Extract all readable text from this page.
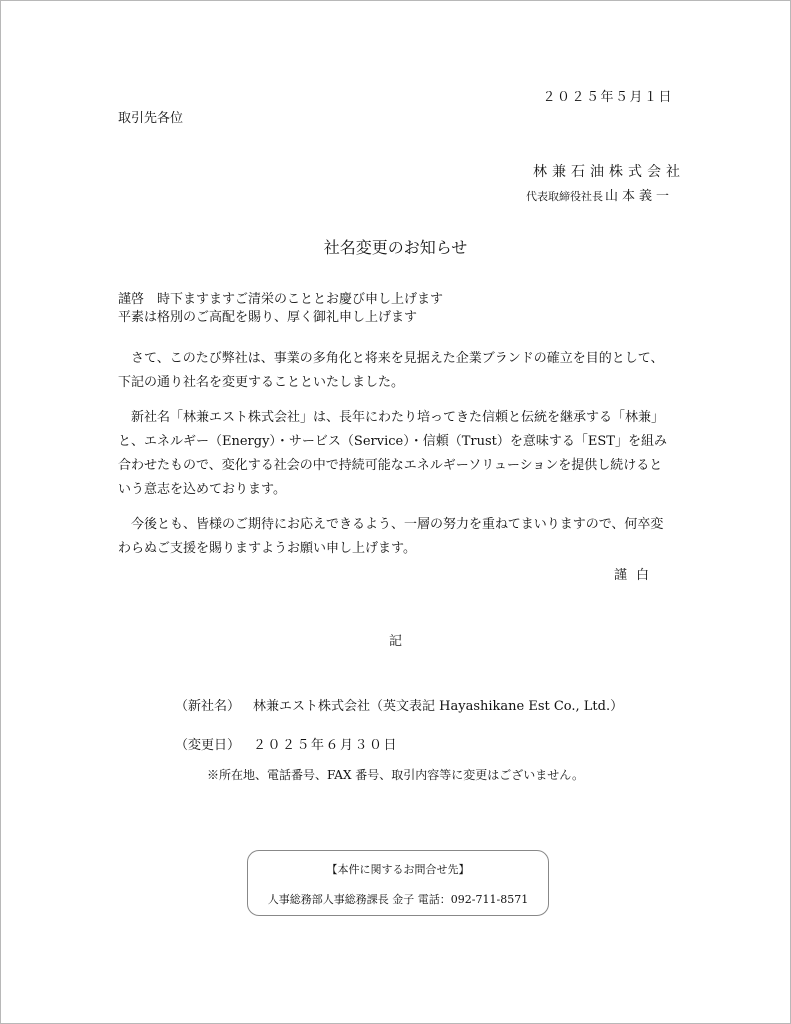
２０２５年５月１日
取引先各位
林兼石油株式会社
代表取締役社長 山本義一
社名変更のお知らせ
謹啓　時下ますますご清栄のこととお慶び申し上げます
平素は格別のご高配を賜り、厚く御礼申し上げます
　さて、このたび弊社は、事業の多角化と将来を見据えた企業ブランドの確立を目的として、下記の通り社名を変更することといたしました。
　新社名「林兼エスト株式会社」は、長年にわたり培ってきた信頼と伝統を継承する「林兼」と、エネルギー（Energy）・サービス（Service）・信頼（Trust）を意味する「EST」を組み合わせたもので、変化する社会の中で持続可能なエネルギーソリューションを提供し続けるという意志を込めております。
　今後とも、皆様のご期待にお応えできるよう、一層の努力を重ねてまいりますので、何卒変わらぬご支援を賜りますようお願い申し上げます。
謹白
記
（新社名） 林兼エスト株式会社（英文表記 Hayashikane Est Co., Ltd.）
（変更日） ２０２５年６月３０日
※所在地、電話番号、FAX 番号、取引内容等に変更はございません。
【本件に関するお問合せ先】
人事総務部人事総務課長 金子 電話：092-711-8571
